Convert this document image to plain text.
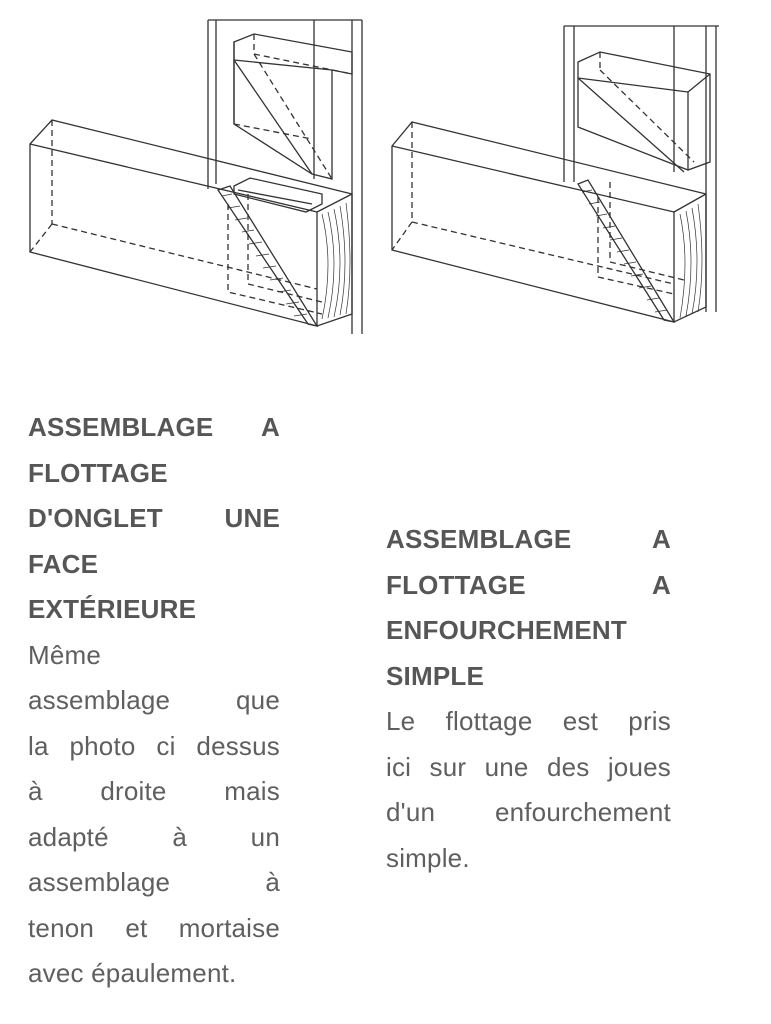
ASSEMBLAGE A
FLOTTAGE
D'ONGLET UNE
FACE
EXTÉRIEURE
Même
assemblage que
la photo ci dessus
à droite mais
adapté à un
assemblage à
tenon et mortaise
avec épaulement.
ASSEMBLAGE A
FLOTTAGE A
ENFOURCHEMENT
SIMPLE
Le flottage est pris
ici sur une des joues
d'un enfourchement
simple.
